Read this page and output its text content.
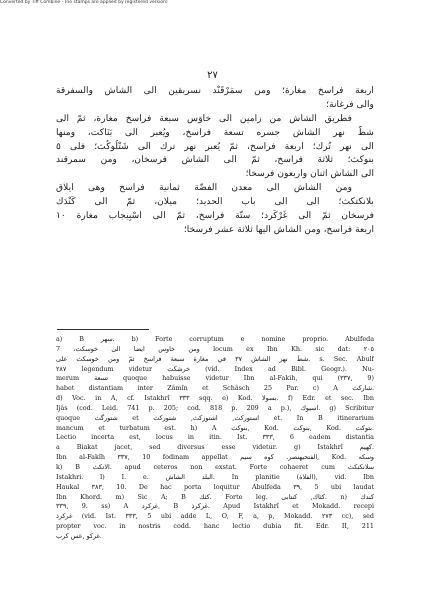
Converted by Tiff Combine - (no stamps are applied by registered version)
٢٧
اربعة فراسخ مغارة؛ ومن سمَرْقَنْد نسربقين الى الشاش والسفرقة
والى فرغانة؛
فطريق الشاش من زامين الى خاوَس سبعة فراسخ مغارة، ثمّ الى
شطّ نهر الشاش جسره تسعة فراسخ، ويُعبر الى بَنَاكت، ومنها
الى نهر تُرك؛ اربعة فراسخ، ثمّ يُعبر نهر ترك الى شَتْلُوكُث؛ فلى ٥
بنوكث؛ ثلاثة فراسخ، ثمّ الى الشاش فرسخان، ومن سمرقند
الى الشاش اثنان واربعون فرسخا؛
ومن الشاش الى معدن الفضّة ثمانية فراسخ وهى ايلاق
بلانكتكث؛ الى الى باب الحديد؛ ميلان، ثمّ الى كَنْدَك
فرسخان ثمّ الى غَرْكَرد؛ ستّة فراسخ، ثمّ الى اسْبِيجاب مغارة ١٠
اربعة فراسخ، ومن الشاش اليها ثلاثة عشر فرسخا؛
a) B سهر. b) Forte corruptum e nomine proprio. Abulfeda
ومن خاوس ايضا الى خوسكث، 7 locum ex Ibn Kh. sic dat: ٢٠٥
شطّ نهر الشاش ٣٧ في مغارة سبعة فراسخ ثمّ ومن خوسكث على. s. Sec. Abulf
٢٨٧ legendum videtur خرشكث (vid. Index ad Bibl. Geogr.). Nu-
merum تسعة quoque habuisse videtur Ibn al-Fakih, qui (٣٣٧, 9)
habet distantiam inter Zâmîn et Schâsch 25 Par. c) A شاركث.
d) Voc. in A, cf. Istakhrî ٣٣٣ sqq. e) Kod. بسولا. f) Edr. et sec. Ibn
Ijâs (cod. Leid. 741 p. 205; cod. 818 p. 209 a p.), اسيوك. g) Scribitur
quoque شتورگث et استورکث, اشتورکث, شتوركث et. In B itinerarium
mancum et turbatum est. h) A بنوكث, Kod. بنوكت, Kod. بتوكث.
Lectio incerta est, locus in itin. Ist. ٣٣٣, 6 eadem distantia
a Biakat jacet, sed diversus esse videtur. g) Istakhrî كهيم.
Ibn al-Fakîh ٣٣٧, 10 fodinam appellat الفتحيهنصر. كوه سيم, Kod. وسكه
k) B الاتكث. apud ceteros non exstat. Forte cohaeret cum سلانكتكث
Istakhri. l) I. e. البلد الشاش. In planitie (الفلاة), vid. Ibn
Haukal ٣٨٣, 10. De hac porta loquitur Abulfeda ٣٩, 5 ubi laudat
Ibn Khord. m) Sic A; B كثك. Forte leg. كثاك, كنتابى. n) كندك
٣٣٩, 9. ss) A غركرد, B غركرذ. Apud Istakhrî et Mokadd. recepi
غركرذ (vid. Ist. ٣٣٣, 5 ubi adde L, O, F, a, p, Mokadd. ٢٧٣ cc), sed
propter voc. in nostris codd. hanc lectio dubia fit. Edr. II, 211
غركو ,عس كرب.
